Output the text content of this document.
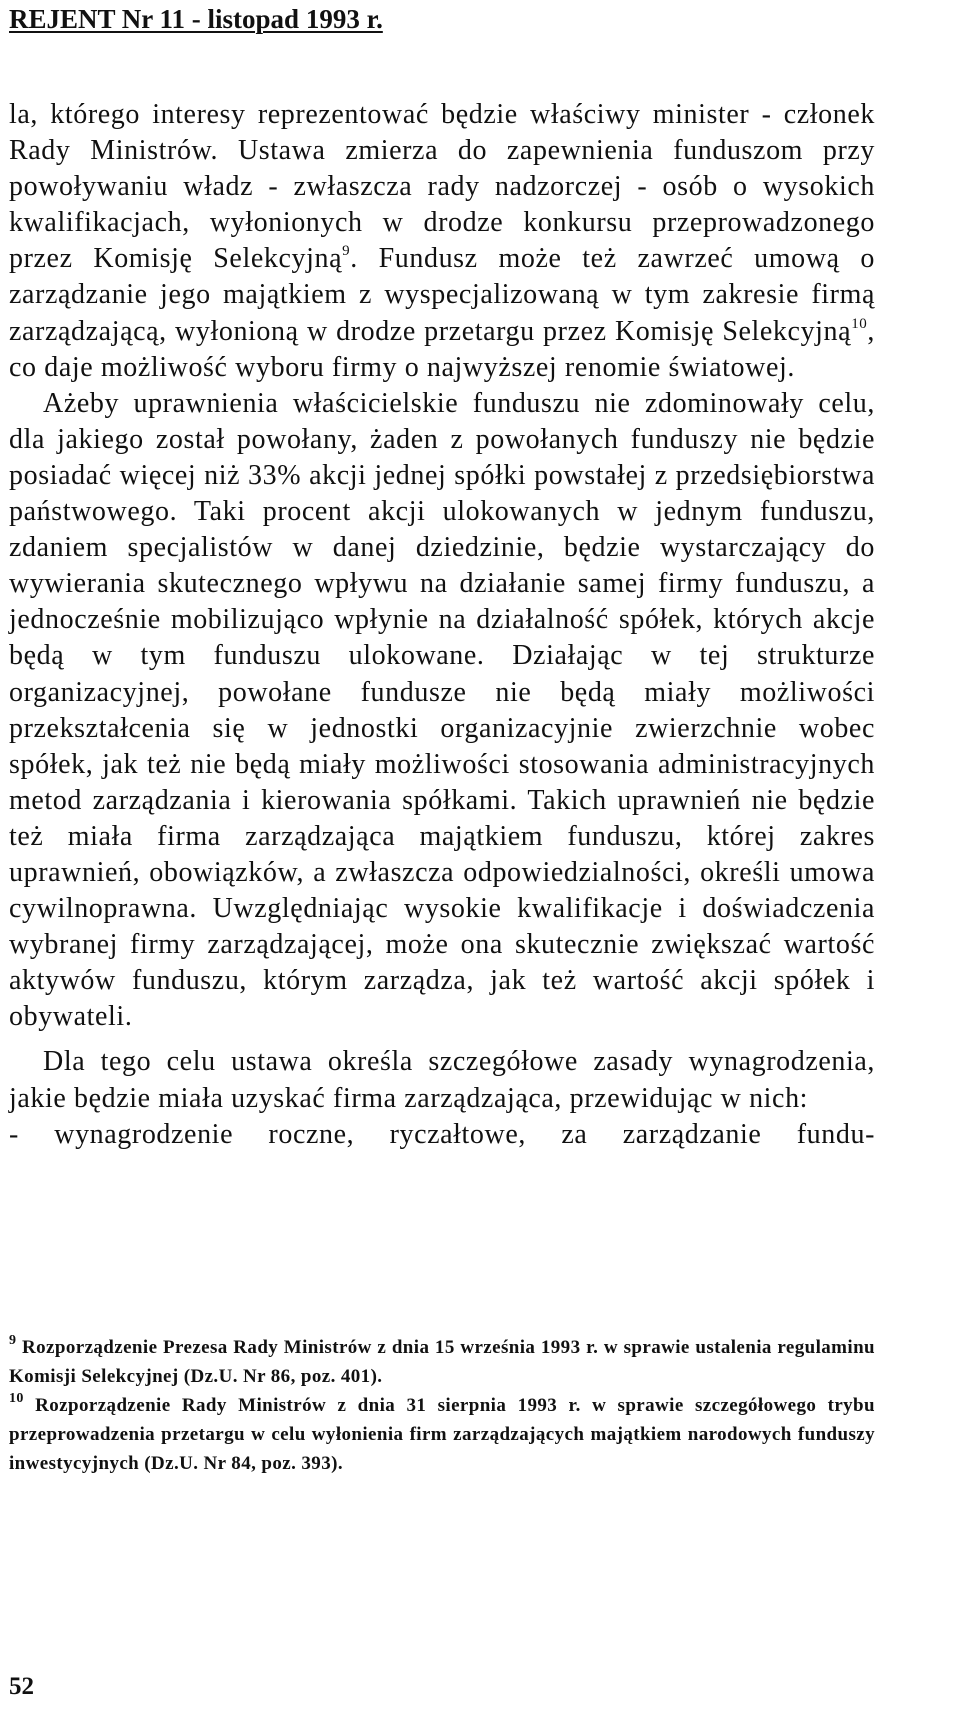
REJENT Nr 11 - listopad 1993 r.

la, którego interesy reprezentować będzie właściwy minister - członek Rady Ministrów. Ustawa zmierza do zapewnienia funduszom przy powoływaniu władz - zwłaszcza rady nadzorczej - osób o wysokich kwalifikacjach, wyłonionych w drodze konkursu przeprowadzonego przez Komisję Selekcyjną$^9$. Fundusz może też zawrzeć umową o zarządzanie jego majątkiem z wyspecjalizowaną w tym zakresie firmą zarządzającą, wyłonioną w drodze przetargu przez Komisję Selekcyjną$^{10}$, co daje możliwość wyboru firmy o najwyższej renomie światowej.

Ażeby uprawnienia właścicielskie funduszu nie zdominowały celu, dla jakiego został powołany, żaden z powołanych funduszy nie będzie posiadać więcej niż 33% akcji jednej spółki powstałej z przedsiębiorstwa państwowego. Taki procent akcji ulokowanych w jednym funduszu, zdaniem specjalistów w danej dziedzinie, będzie wystarczający do wywierania skutecznego wpływu na działanie samej firmy funduszu, a jednocześnie mobilizująco wpłynie na działalność spółek, których akcje będą w tym funduszu ulokowane. Działając w tej strukturze organizacyjnej, powołane fundusze nie będą miały możliwości przekształcenia się w jednostki organizacyjnie zwierzchnie wobec spółek, jak też nie będą miały możliwości stosowania administracyjnych metod zarządzania i kierowania spółkami. Takich uprawnień nie będzie też miała firma zarządzająca majątkiem funduszu, której zakres uprawnień, obowiązków, a zwłaszcza odpowiedzialności, określi umowa cywilnoprawna. Uwzględniając wysokie kwalifikacje i doświadczenia wybranej firmy zarządzającej, może ona skutecznie zwiększać wartość aktywów funduszu, którym zarządza, jak też wartość akcji spółek i obywateli.

Dla tego celu ustawa określa szczegółowe zasady wynagrodzenia, jakie będzie miała uzyskać firma zarządzająca, przewidując w nich:

- wynagrodzenie roczne, ryczałtowe, za zarządzanie fundu-

$^9$ Rozporządzenie Prezesa Rady Ministrów z dnia 15 września 1993 r. w sprawie ustalenia regulaminu Komisji Selekcyjnej (Dz.U. Nr 86, poz. 401).

$^{10}$ Rozporządzenie Rady Ministrów z dnia 31 sierpnia 1993 r. w sprawie szczegółowego trybu przeprowadzenia przetargu w celu wyłonienia firm zarządzających majątkiem narodowych funduszy inwestycyjnych (Dz.U. Nr 84, poz. 393).

52
